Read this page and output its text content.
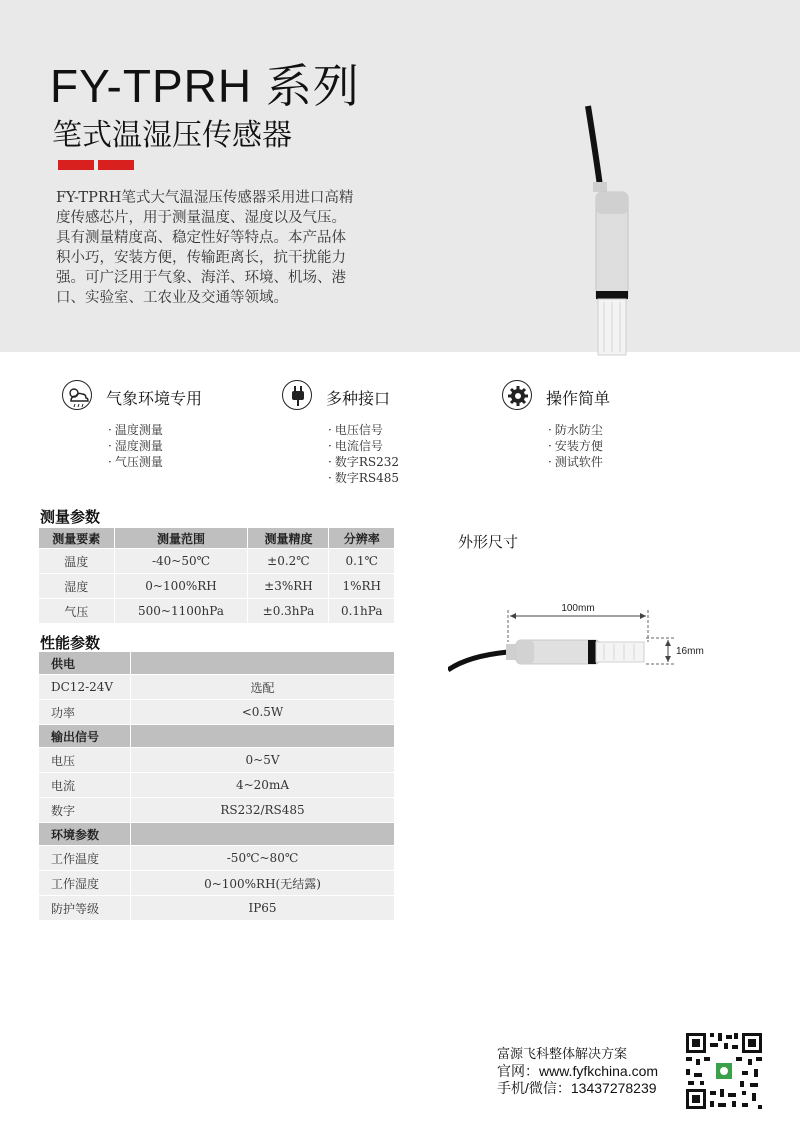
FY-TPRH 系列
笔式温湿压传感器

FY-TPRH笔式大气温湿压传感器采用进口高精

度传感芯片，用于测量温度、湿度以及气压。

具有测量精度高、稳定性好等特点。本产品体

积小巧，安装方便，传输距离长，抗干扰能力

强。可广泛用于气象、海洋、环境、机场、港

口、实验室、工农业及交通等领域。

气象环境专用
· 温度测量
· 湿度测量
· 气压测量
多种接口
· 电压信号
· 电流信号
· 数字RS232
· 数字RS485
操作简单
· 防水防尘
· 安装方便
· 测试软件
测量参数
测量要素	测量范围	测量精度	分辨率
温度	-40~50℃	±0.2℃	0.1℃
湿度	0~100%RH	±3%RH	1%RH
气压	500~1100hPa	±0.3hPa	0.1hPa
性能参数
供电	
DC12-24V	选配
功率	<0.5W
输出信号	
电压	0~5V
电流	4~20mA
数字	RS232/RS485
环境参数	
工作温度	-50℃~80℃
工作湿度	0~100%RH(无结露)
防护等级	IP65
外形尺寸
100mm
16mm
富源飞科整体解决方案
官网：www.fyfkchina.com
手机/微信：13437278239
